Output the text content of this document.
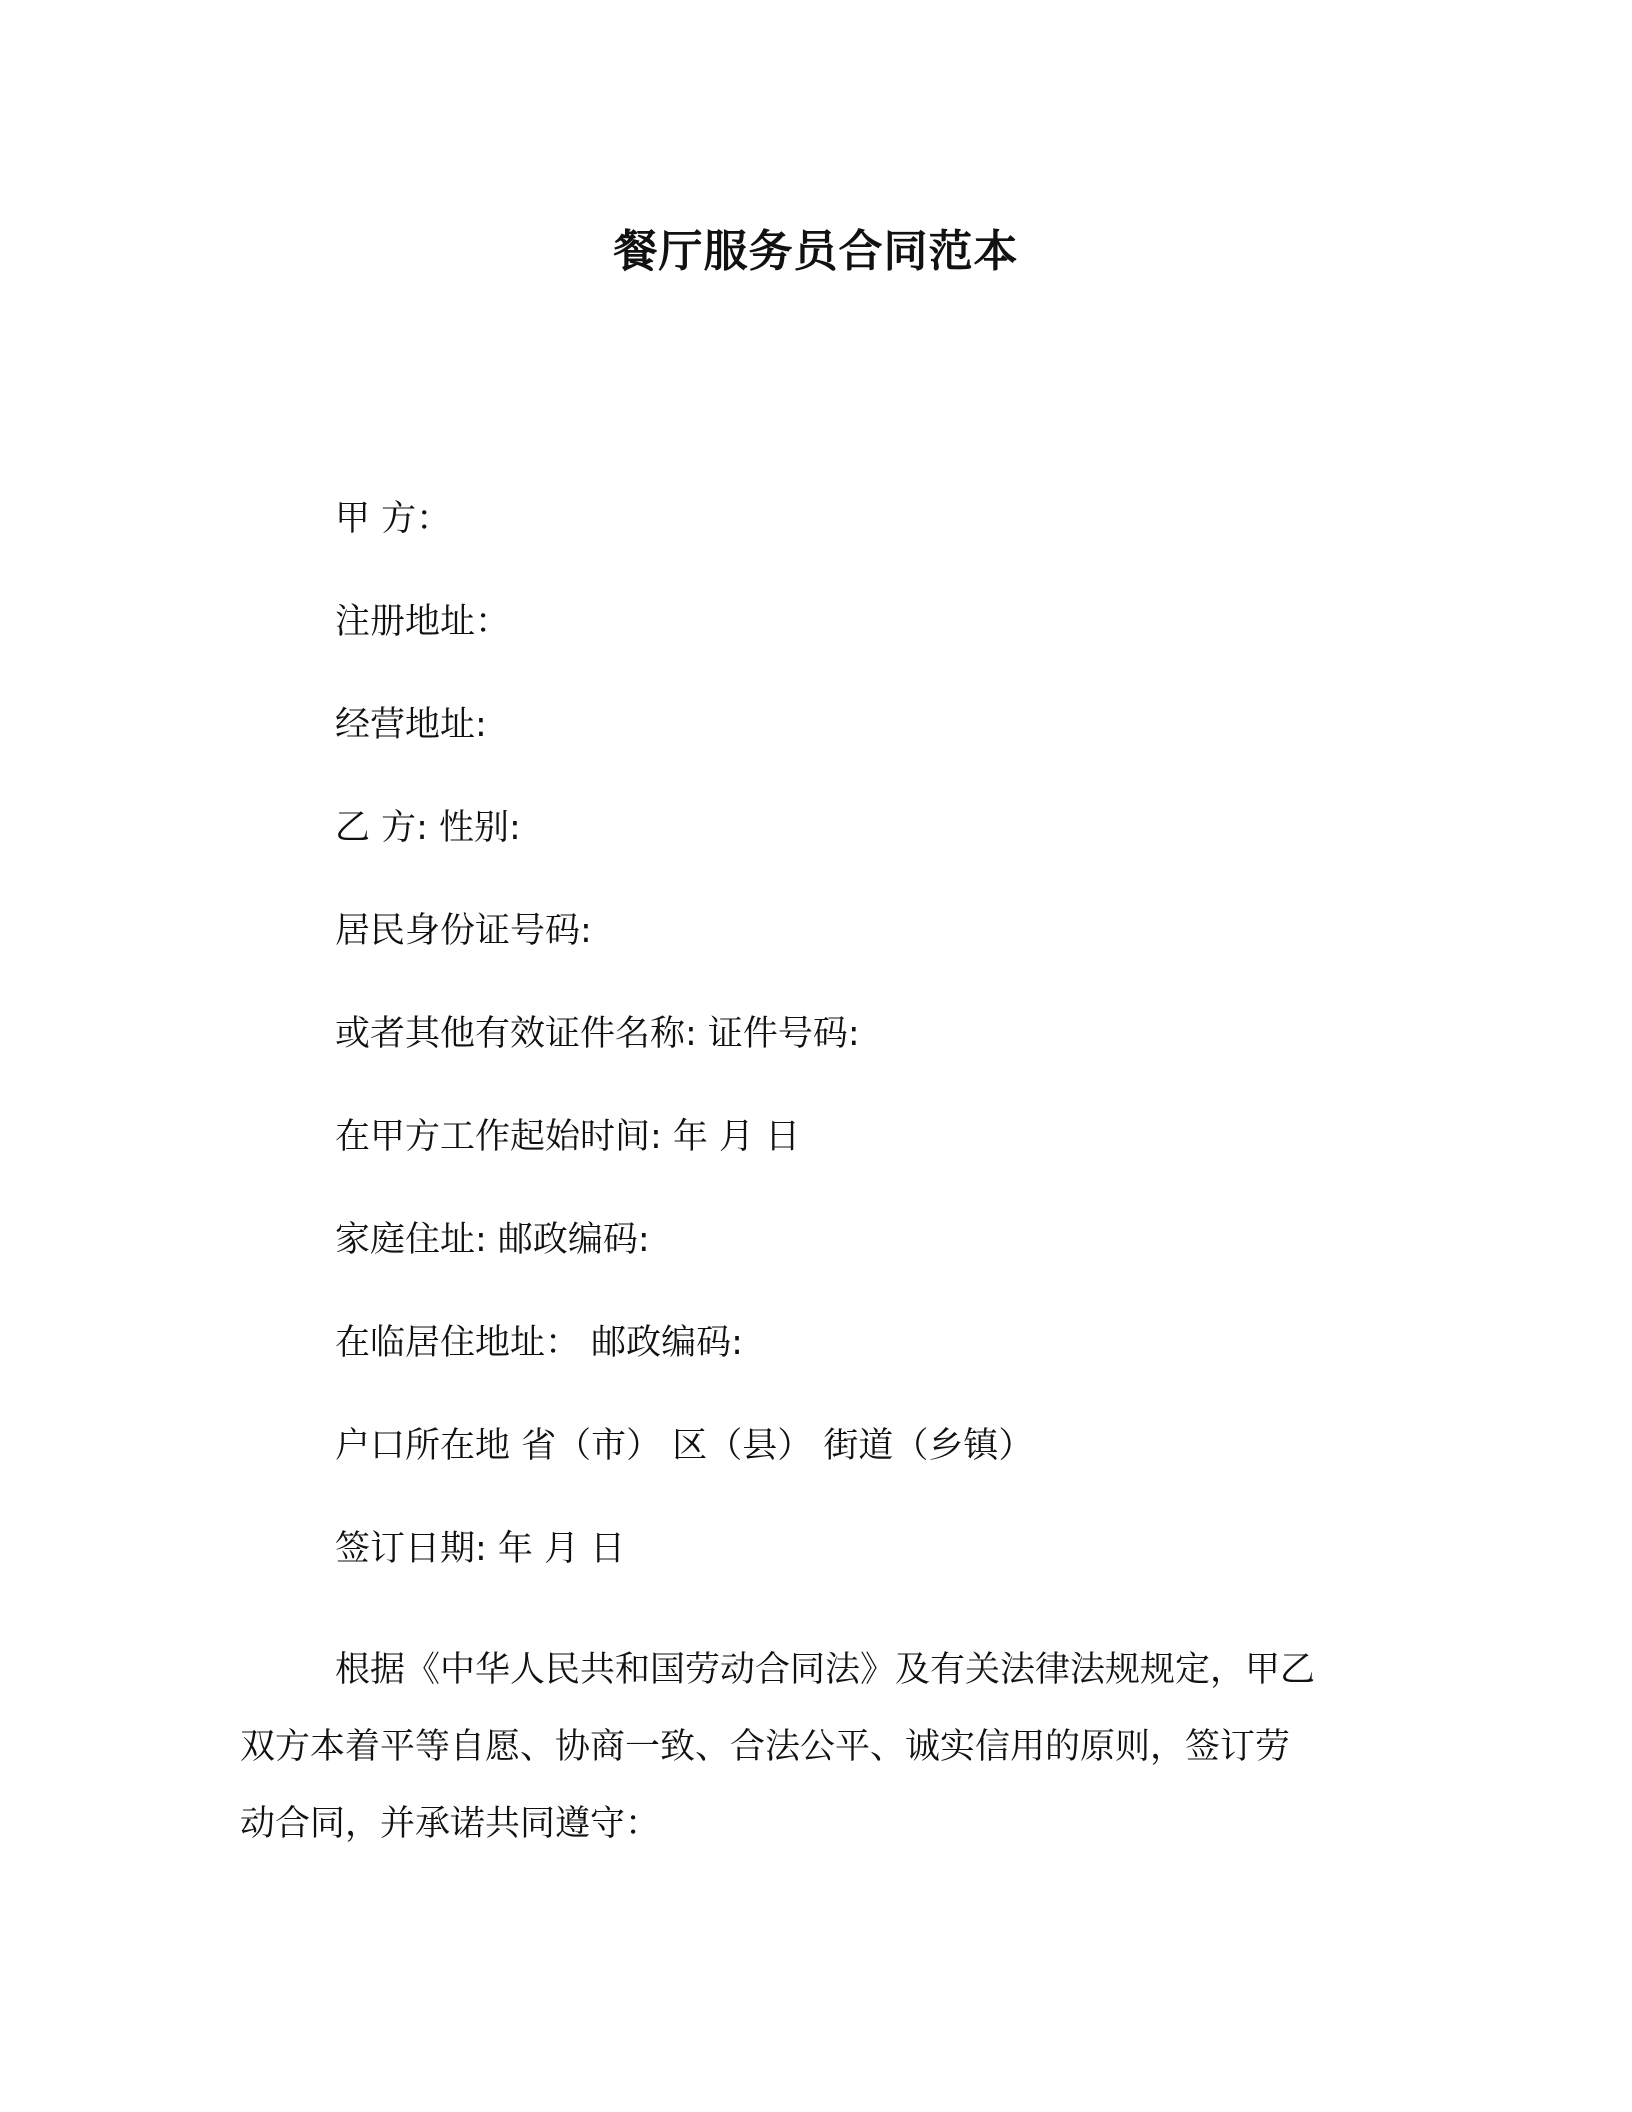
餐厅服务员合同范本
甲 方：
注册地址：
经营地址:
乙 方: 性别:
居民身份证号码:
或者其他有效证件名称: 证件号码:
在甲方工作起始时间: 年 月 日
家庭住址: 邮政编码:
在临居住地址： 邮政编码:
户口所在地 省（市） 区（县） 街道（乡镇）
签订日期: 年 月 日
根据《中华人民共和国劳动合同法》及有关法律法规规定，甲乙
双方本着平等自愿、协商一致、合法公平、诚实信用的原则，签订劳
动合同，并承诺共同遵守：
